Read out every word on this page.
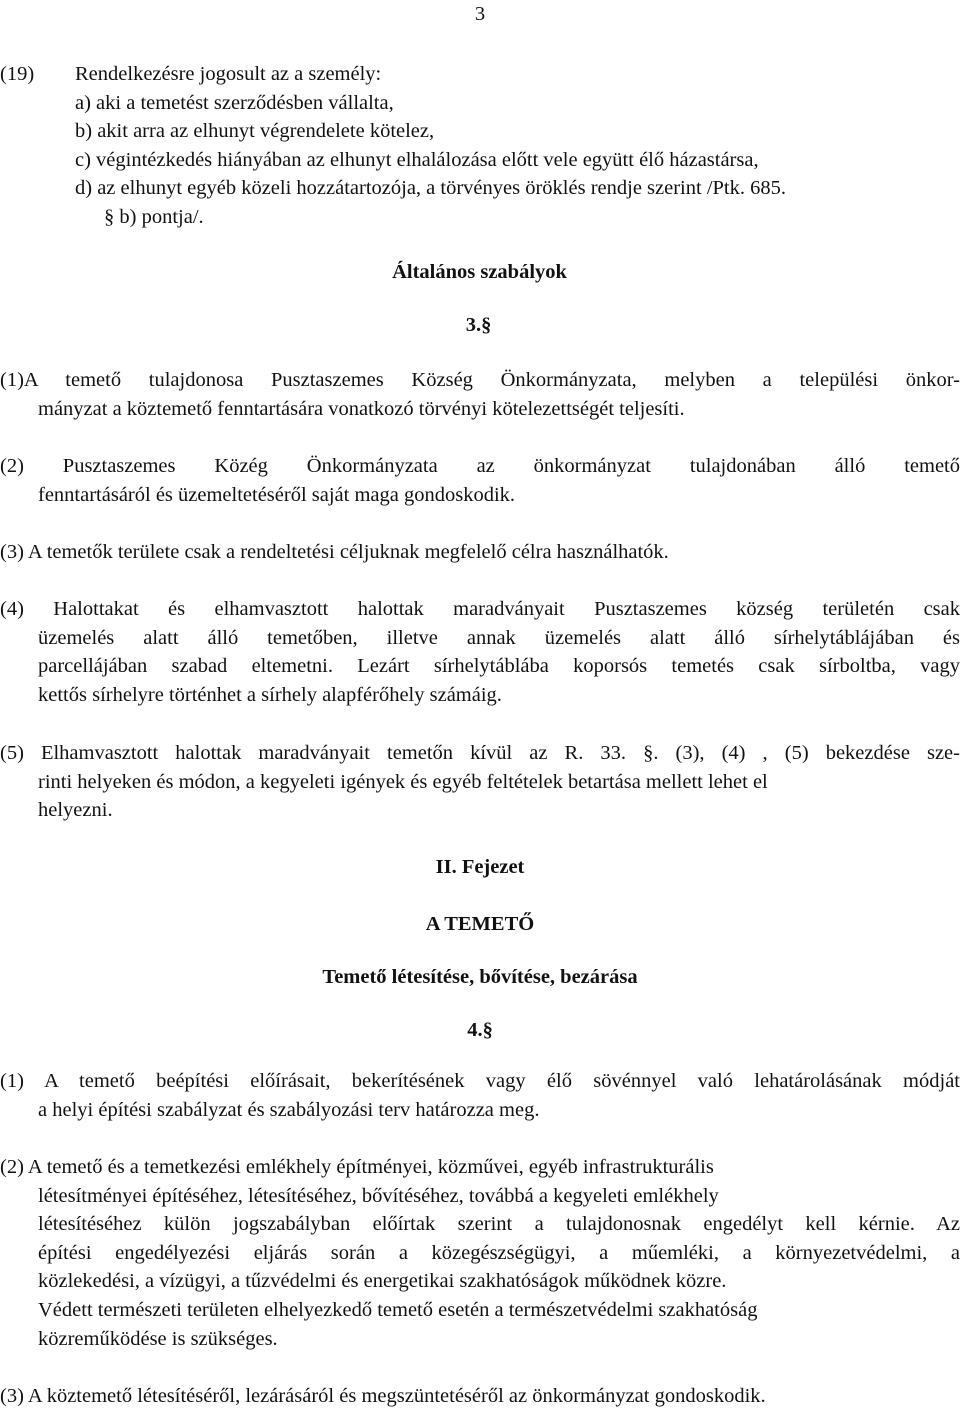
3
(19) Rendelkezésre jogosult az a személy:
a) aki a temetést szerződésben vállalta,
b) akit arra az elhunyt végrendelete kötelez,
c) végintézkedés hiányában az elhunyt elhalálozása előtt vele együtt élő házastársa,
d) az elhunyt egyéb közeli hozzátartozója, a törvényes öröklés rendje szerint /Ptk. 685.
§ b) pontja/.
Általános szabályok
3.§
(1)A temető tulajdonosa Pusztaszemes Község Önkormányzata, melyben a települési önkor-
mányzat a köztemető fenntartására vonatkozó törvényi kötelezettségét teljesíti.
(2) Pusztaszemes Közég Önkormányzata az önkormányzat tulajdonában álló temető
fenntartásáról és üzemeltetéséről saját maga gondoskodik.
(3) A temetők területe csak a rendeltetési céljuknak megfelelő célra használhatók.
(4) Halottakat és elhamvasztott halottak maradványait Pusztaszemes község területén csak
üzemelés alatt álló temetőben, illetve annak üzemelés alatt álló sírhelytáblájában és
parcellájában szabad eltemetni. Lezárt sírhelytáblába koporsós temetés csak sírboltba, vagy
kettős sírhelyre történhet a sírhely alapférőhely számáig.
(5) Elhamvasztott halottak maradványait temetőn kívül az R. 33. §. (3), (4) , (5) bekezdése sze-
rinti helyeken és módon, a kegyeleti igények és egyéb feltételek betartása mellett lehet el
helyezni.
II. Fejezet
A TEMETŐ
Temető létesítése, bővítése, bezárása
4.§
(1) A temető beépítési előírásait, bekerítésének vagy élő sövénnyel való lehatárolásának módját
a helyi építési szabályzat és szabályozási terv határozza meg.
(2) A temető és a temetkezési emlékhely építményei, közművei, egyéb infrastrukturális
létesítményei építéséhez, létesítéséhez, bővítéséhez, továbbá a kegyeleti emlékhely
létesítéséhez külön jogszabályban előírtak szerint a tulajdonosnak engedélyt kell kérnie. Az
építési engedélyezési eljárás során a közegészségügyi, a műemléki, a környezetvédelmi, a
közlekedési, a vízügyi, a tűzvédelmi és energetikai szakhatóságok működnek közre.
Védett természeti területen elhelyezkedő temető esetén a természetvédelmi szakhatóság
közreműködése is szükséges.
(3) A köztemető létesítéséről, lezárásáról és megszüntetéséről az önkormányzat gondoskodik.
